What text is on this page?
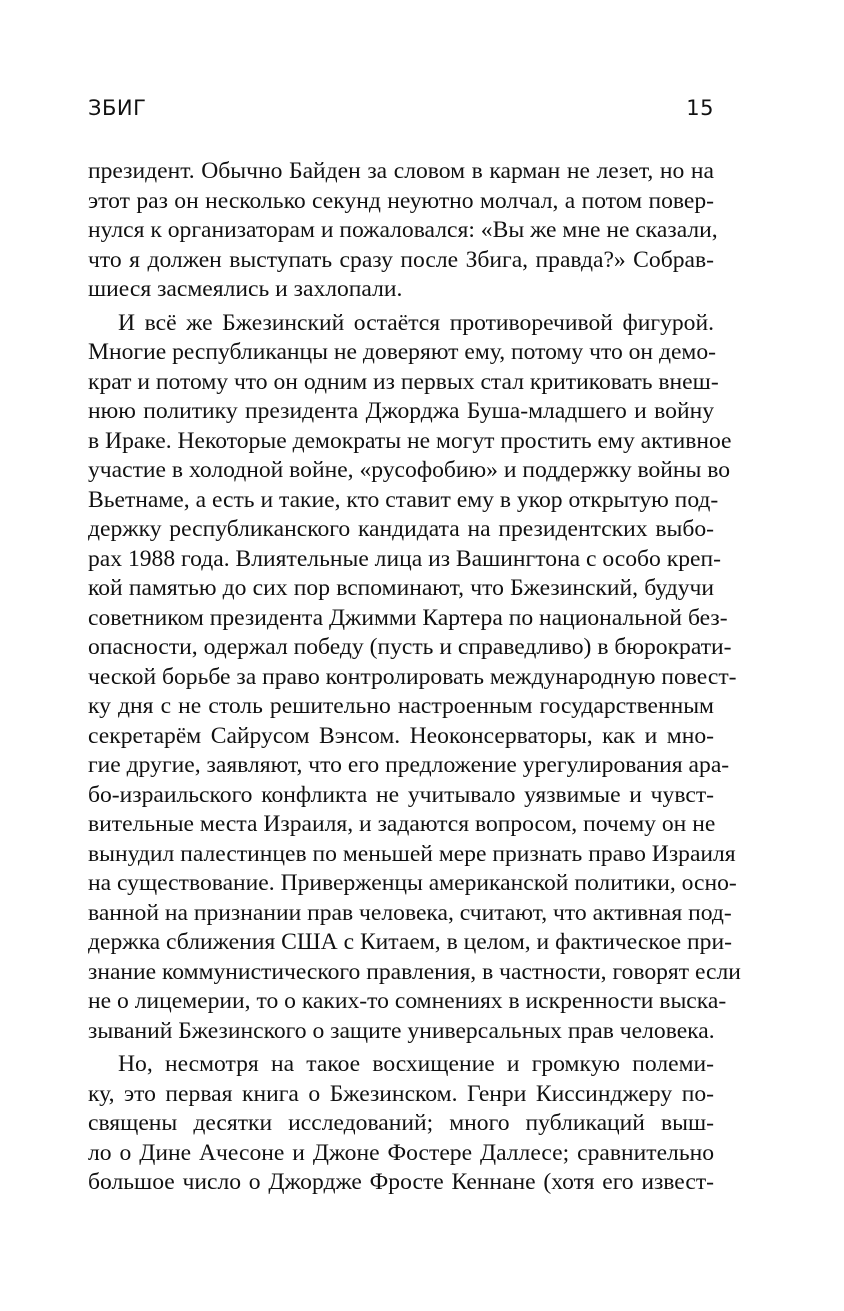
ЗБИГ	15

президент. Обычно Байден за словом в карман не лезет, но на
этот раз он несколько секунд неуютно молчал, а потом повер-
нулся к организаторам и пожаловался: «Вы же мне не сказали,
что я должен выступать сразу после Збига, правда?» Собрав-
шиеся засмеялись и захлопали.

И всё же Бжезинский остаётся противоречивой фигурой.
Многие республиканцы не доверяют ему, потому что он демо-
крат и потому что он одним из первых стал критиковать внеш-
нюю политику президента Джорджа Буша-младшего и войну
в Ираке. Некоторые демократы не могут простить ему активное
участие в холодной войне, «русофобию» и поддержку войны во
Вьетнаме, а есть и такие, кто ставит ему в укор открытую под-
держку республиканского кандидата на президентских выбо-
рах 1988 года. Влиятельные лица из Вашингтона с особо креп-
кой памятью до сих пор вспоминают, что Бжезинский, будучи
советником президента Джимми Картера по национальной без-
опасности, одержал победу (пусть и справедливо) в бюрократи-
ческой борьбе за право контролировать международную повест-
ку дня с не столь решительно настроенным государственным
секретарём Сайрусом Вэнсом. Неоконсерваторы, как и мно-
гие другие, заявляют, что его предложение урегулирования ара-
бо-израильского конфликта не учитывало уязвимые и чувст-
вительные места Израиля, и задаются вопросом, почему он не
вынудил палестинцев по меньшей мере признать право Израиля
на существование. Приверженцы американской политики, осно-
ванной на признании прав человека, считают, что активная под-
держка сближения США с Китаем, в целом, и фактическое при-
знание коммунистического правления, в частности, говорят если
не о лицемерии, то о каких-то сомнениях в искренности выска-
зываний Бжезинского о защите универсальных прав человека.

Но, несмотря на такое восхищение и громкую полеми-
ку, это первая книга о Бжезинском. Генри Киссинджеру по-
священы десятки исследований; много публикаций выш-
ло о Дине Ачесоне и Джоне Фостере Даллесе; сравнительно
большое число о Джордже Фросте Кеннане (хотя его извест-
